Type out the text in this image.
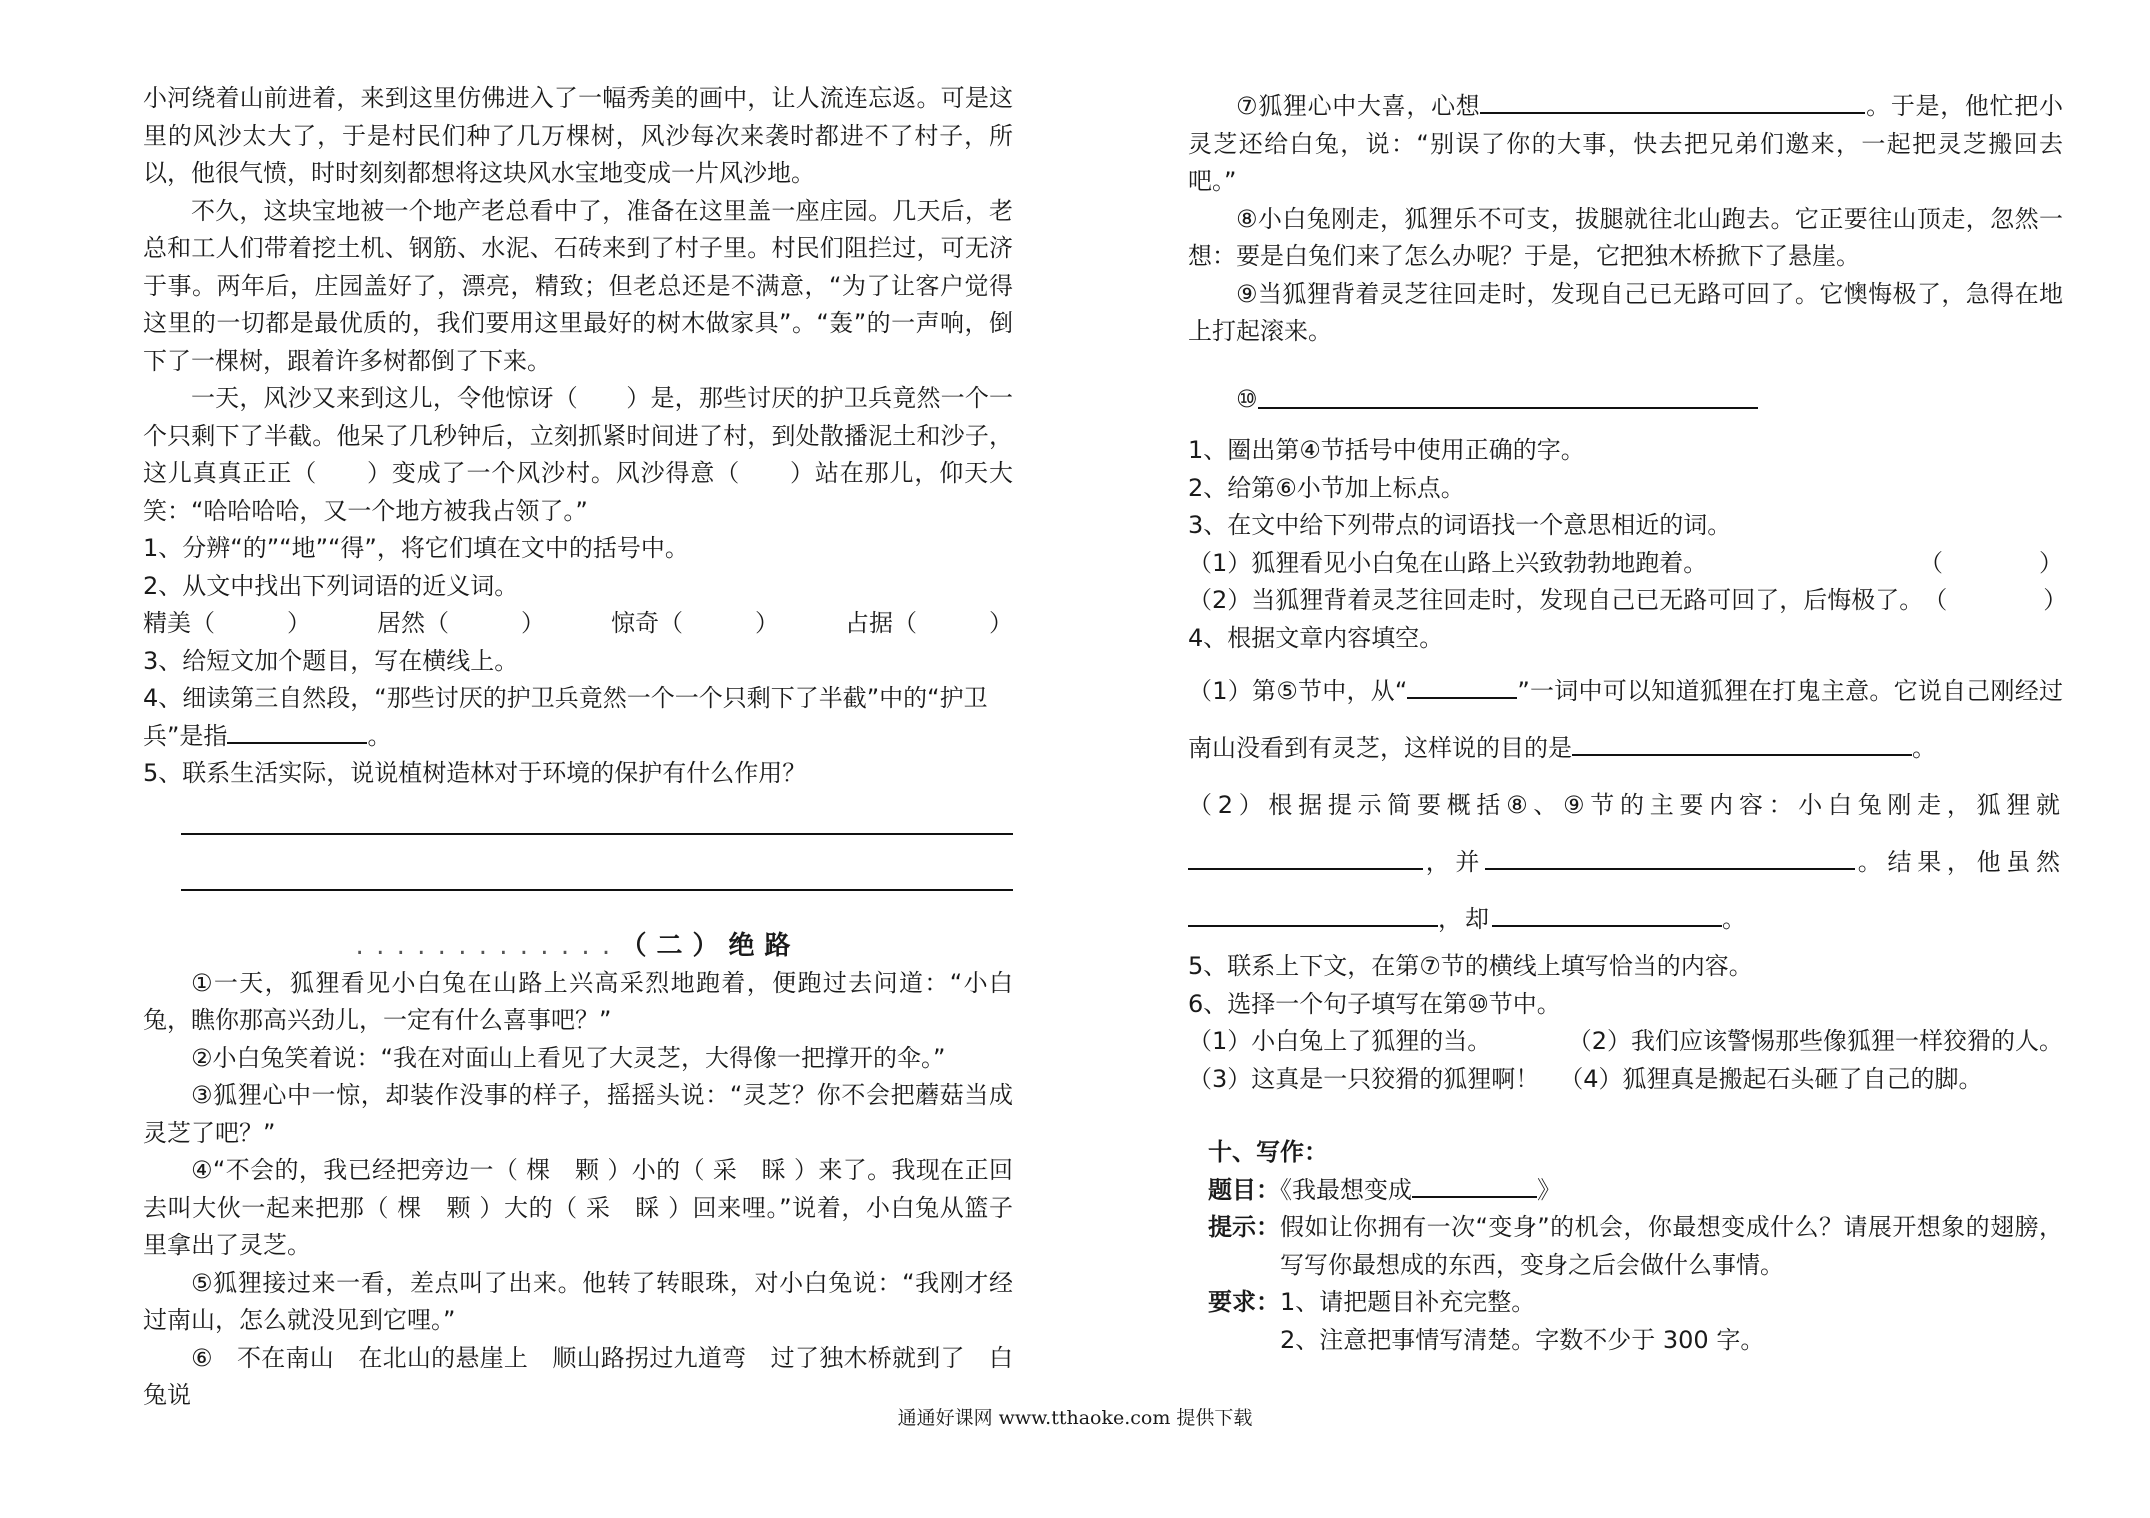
小河绕着山前进着，来到这里仿佛进入了一幅秀美的画中，让人流连忘返。可是这里的风沙太大了，于是村民们种了几万棵树，风沙每次来袭时都进不了村子，所以，他很气愤，时时刻刻都想将这块风水宝地变成一片风沙地。

不久，这块宝地被一个地产老总看中了，准备在这里盖一座庄园。几天后，老总和工人们带着挖土机、钢筋、水泥、石砖来到了村子里。村民们阻拦过，可无济于事。两年后，庄园盖好了，漂亮，精致；但老总还是不满意，“为了让客户觉得这里的一切都是最优质的，我们要用这里最好的树木做家具”。“轰”的一声响，倒下了一棵树，跟着许多树都倒了下来。

一天，风沙又来到这儿，令他惊讶（　　）是，那些讨厌的护卫兵竟然一个一个只剩下了半截。他呆了几秒钟后，立刻抓紧时间进了村，到处散播泥土和沙子，这儿真真正正（　　）变成了一个风沙村。风沙得意（　　）站在那儿，仰天大笑：“哈哈哈哈，又一个地方被我占领了。”

1、分辨“的”“地”“得”，将它们填在文中的括号中。

2、从文中找出下列词语的近义词。

精美（　　　）	居然（　　　）	惊奇（　　　）	占据（　　　）

3、给短文加个题目，写在横线上。

4、细读第三自然段，“那些讨厌的护卫兵竟然一个一个只剩下了半截”中的“护卫兵”是指	。

5、联系生活实际，说说植树造林对于环境的保护有什么作用？

. . . . . . . . . . . . . （二）绝路

①一天，狐狸看见小白兔在山路上兴高采烈地跑着，便跑过去问道：“小白兔，瞧你那高兴劲儿，一定有什么喜事吧？”

②小白兔笑着说：“我在对面山上看见了大灵芝，大得像一把撑开的伞。”

③狐狸心中一惊，却装作没事的样子，摇摇头说：“灵芝？你不会把蘑菇当成灵芝了吧？”

④“不会的，我已经把旁边一（ 棵　颗 ）小的（ 采　睬 ）来了。我现在正回去叫大伙一起来把那（ 棵　颗 ）大的（ 采　睬 ）回来哩。”说着，小白兔从篮子里拿出了灵芝。

⑤狐狸接过来一看，差点叫了出来。他转了转眼珠，对小白兔说：“我刚才经过南山，怎么就没见到它哩。”

⑥　不在南山　在北山的悬崖上　顺山路拐过九道弯　过了独木桥就到了　白兔说

⑦狐狸心中大喜，心想	。于是，他忙把小灵芝还给白兔，说：“别误了你的大事，快去把兄弟们邀来，一起把灵芝搬回去吧。”

⑧小白兔刚走，狐狸乐不可支，拔腿就往北山跑去。它正要往山顶走，忽然一想：要是白兔们来了怎么办呢？于是，它把独木桥掀下了悬崖。

⑨当狐狸背着灵芝往回走时，发现自己已无路可回了。它懊悔极了，急得在地上打起滚来。

⑩

1、圈出第④节括号中使用正确的字。

2、给第⑥小节加上标点。

3、在文中给下列带点的词语找一个意思相近的词。

（1）狐狸看见小白兔在山路上兴致勃勃地跑着。	（　　　　）
（2）当狐狸背着灵芝往回走时，发现自己已无路可回了，后悔极了。 （　　　　）

4、根据文章内容填空。

（1）第⑤节中，从“	”一词中可以知道狐狸在打鬼主意。它说自己刚经过南山没看到有灵芝，这样说的目的是	。

（2）根据提示简要概括⑧、⑨节的主要内容：小白兔刚走，狐狸就，并	。结果，他虽然，却	。

5、联系上下文，在第⑦节的横线上填写恰当的内容。

6、选择一个句子填写在第⑩节中。

（1）小白兔上了狐狸的当。	（2）我们应该警惕那些像狐狸一样狡猾的人。
（3）这真是一只狡猾的狐狸啊！ （4）狐狸真是搬起石头砸了自己的脚。

十、写作：

题目：《我最想变成	》

提示： 假如让你拥有一次“变身”的机会，你最想变成什么？请展开想象的翅膀，写写你最想成的东西，变身之后会做什么事情。
要求： 1、请把题目补充完整。
2、注意把事情写清楚。字数不少于 300 字。
通通好课网 www.tthaoke.com 提供下载
